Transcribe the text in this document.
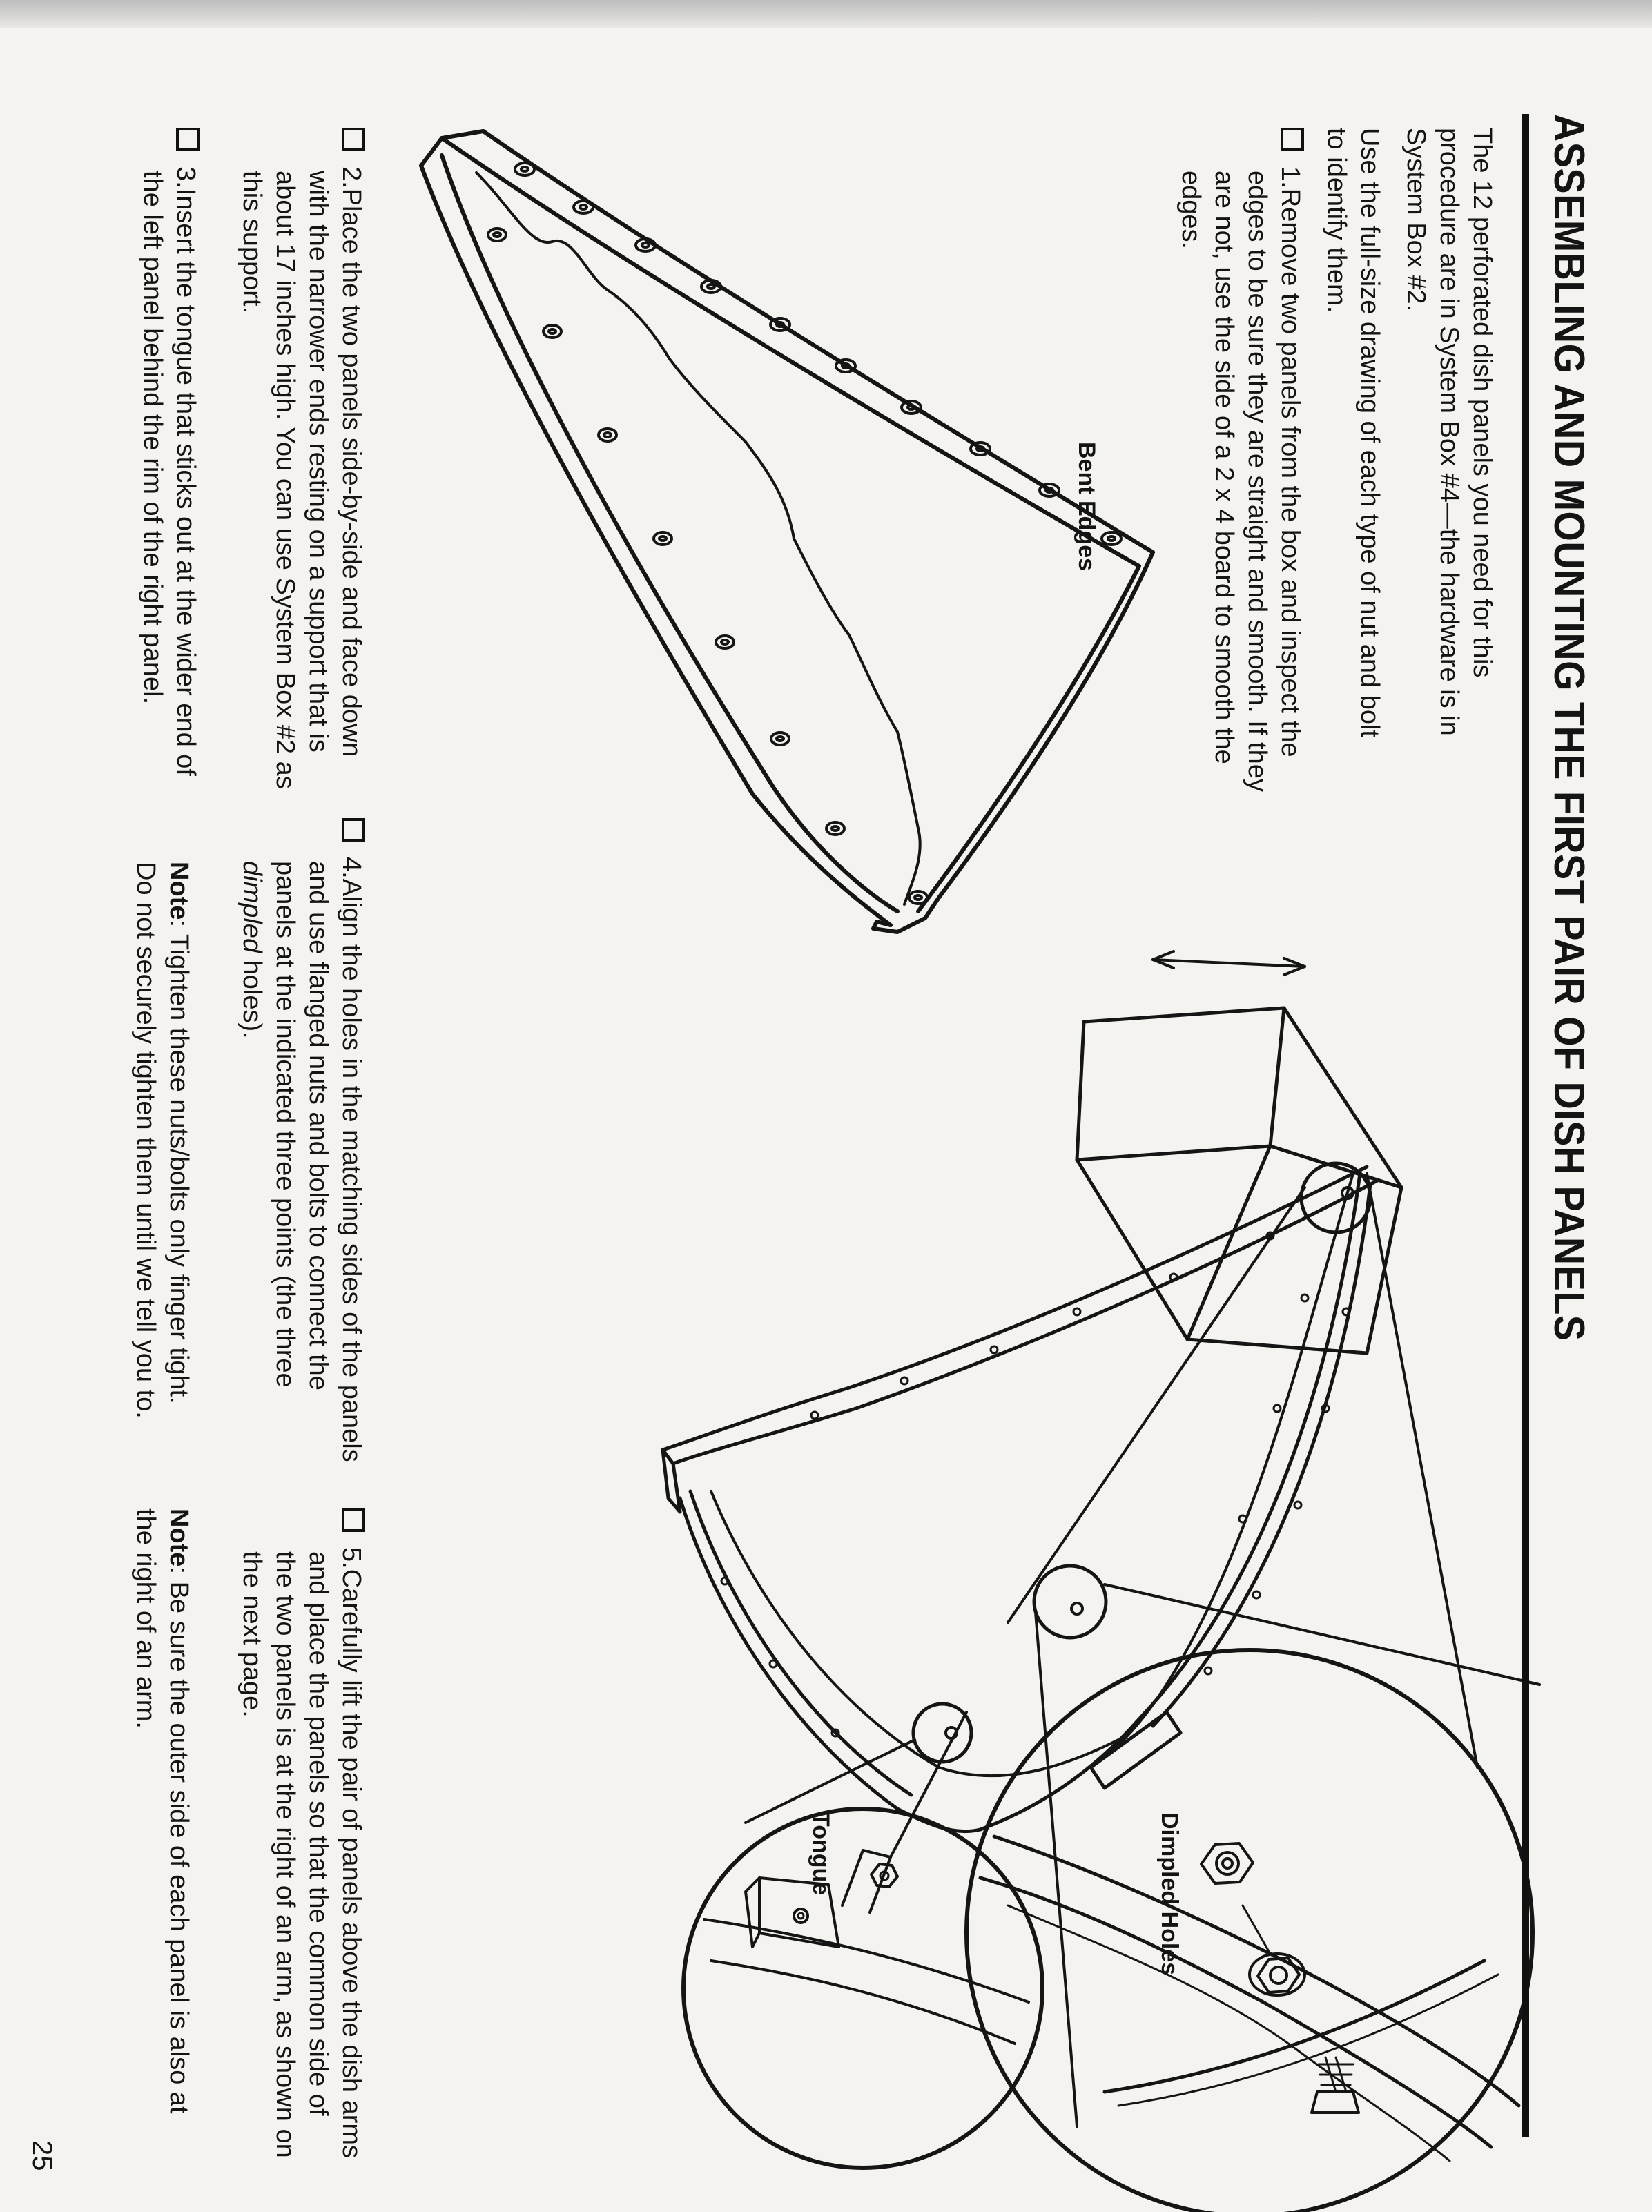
ASSEMBLING AND MOUNTING THE FIRST PAIR OF DISH PANELS
The 12 perforated dish panels you need for this procedure are in System Box #4—the hardware is in System Box #2.
Use the full-size drawing of each type of nut and bolt to identify them.
1.Remove two panels from the box and inspect the edges to be sure they are straight and smooth. If they are not, use the side of a 2 x 4 board to smooth the edges.
Bent Edges
2.Place the two panels side-by-side and face down with the narrower ends resting on a support that is about 17 inches high. You can use System Box #2 as this support.
3.Insert the tongue that sticks out at the wider end of the left panel behind the rim of the right panel.
4.Align the holes in the matching sides of the panels and use flanged nuts and bolts to connect the panels at the indicated three points (the three dimpled holes).
Note: Tighten these nuts/bolts only finger tight. Do not securely tighten them until we tell you to.
5.Carefully lift the pair of panels above the dish arms and place the panels so that the common side of the two panels is at the right of an arm, as shown on the next page.
Note: Be sure the outer side of each panel is also at the right of an arm.
Dimpled Holes
Tongue
25
